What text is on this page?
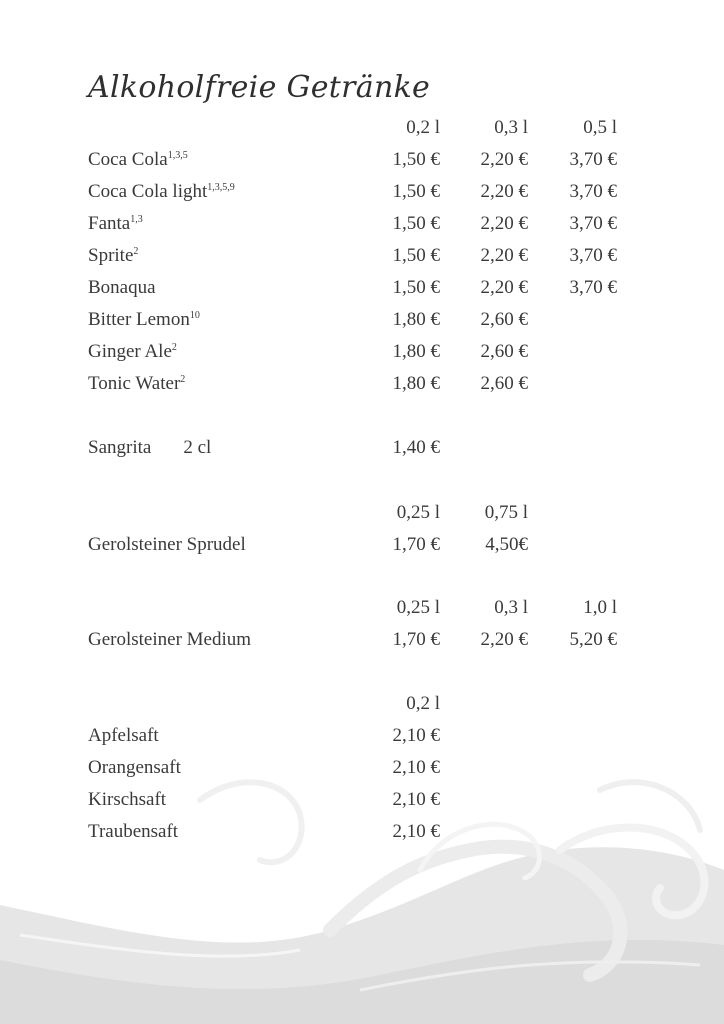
Alkoholfreie Getränke
0,2 l	0,3 l	0,5 l
Coca Cola$^{1,3,5}$	1,50 € 2,20 € 3,70 €
Coca Cola light$^{1,3,5,9}$	1,50 € 2,20 € 3,70 €
Fanta$^{1,3}$	1,50 € 2,20 € 3,70 €
Sprite$^2$	1,50 € 2,20 € 3,70 €
Bonaqua	1,50 € 2,20 € 3,70 €
Bitter Lemon$^{10}$	1,80 € 2,60 €
Ginger Ale$^2$	1,80 € 2,60 €
Tonic Water$^2$	1,80 € 2,60 €
Sangrita 2 cl	1,40 €
0,25 l 0,75 l
Gerolsteiner Sprudel	1,70 € 4,50€
0,25 l	0,3 l	1,0 l
Gerolsteiner Medium	1,70 € 2,20 € 5,20 €
0,2 l
Apfelsaft	2,10 €
Orangensaft	2,10 €
Kirschsaft	2,10 €
Traubensaft	2,10 €
